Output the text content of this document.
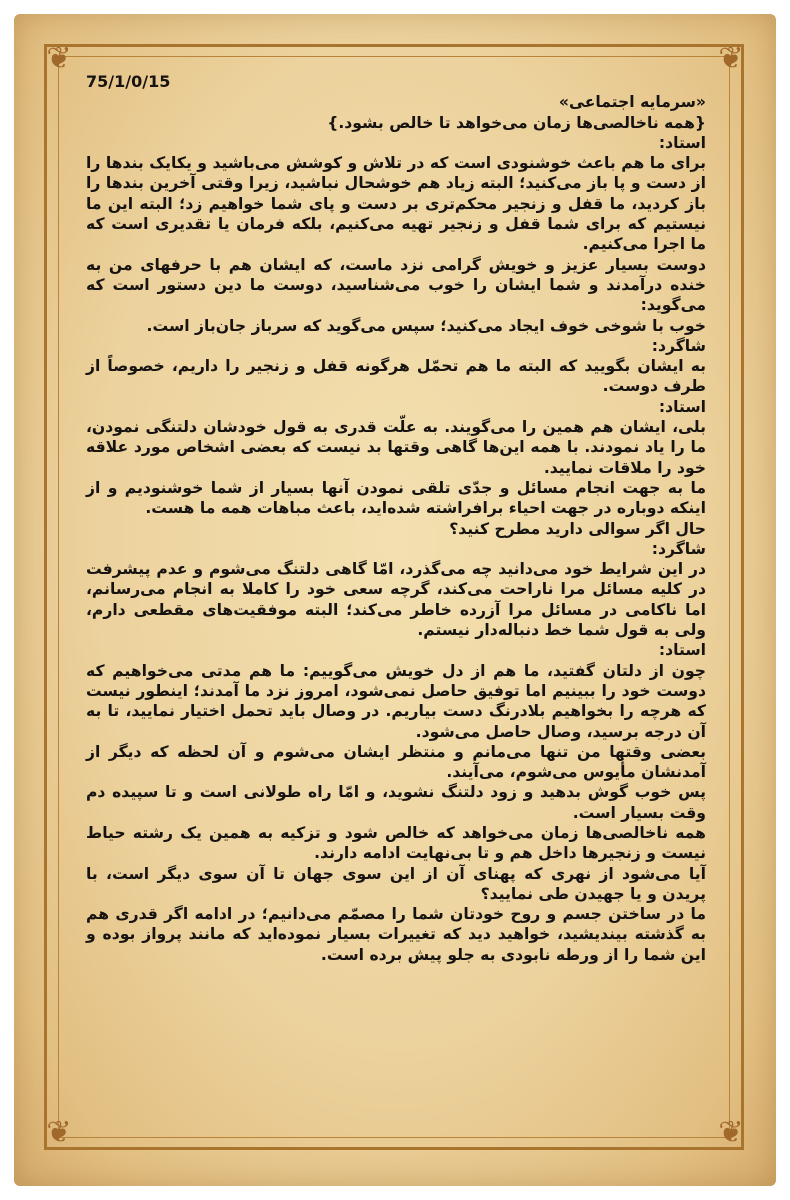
❦	❦
❦	❦

75/1/0/15

«سرمایه اجتماعی»

{همه ناخالصی‌ها زمان می‌خواهد تا خالص بشود.}

استاد:

برای ما هم باعث خوشنودی است که در تلاش و کوشش می‌باشید و یکایک بندها را از دست و پا باز می‌کنید؛ البته زیاد هم خوشحال نباشید، زیرا وقتی آخرین بندها را باز کردید، ما قفل و زنجیر محکم‌تری بر دست و پای شما خواهیم زد؛ البته این ما نیستیم که برای شما قفل و زنجیر تهیه می‌کنیم، بلکه فرمان یا تقدیری است که ما اجرا می‌کنیم.

دوست بسیار عزیز و خویش گرامی نزد ماست، که ایشان هم با حرفهای من به خنده درآمدند و شما ایشان را خوب می‌شناسید، دوست ما دین دستور است که می‌گوید:

خوب با شوخی خوف ایجاد می‌کنید؛ سپس می‌گوید که سرباز جان‌باز است.

شاگرد:

به ایشان بگویید که البته ما هم تحمّل هرگونه قفل و زنجیر را داریم، خصوصاً از طرف دوست.

استاد:

بلی، ایشان هم همین را می‌گویند. به علّت قدری به قول خودشان دلتنگی نمودن، ما را یاد نمودند. با همه این‌ها گاهی وقتها بد نیست که بعضی اشخاص مورد علاقه خود را ملاقات نمایید.

ما به جهت انجام مسائل و جدّی تلقی نمودن آنها بسیار از شما خوشنودیم و از اینکه دوباره در جهت احیاء برافراشته شده‌اید، باعث مباهات همه ما هست.

حال اگر سوالی دارید مطرح کنید؟

شاگرد:

در این شرایط خود می‌دانید چه می‌گذرد، امّا گاهی دلتنگ می‌شوم و عدم پیشرفت در کلیه مسائل مرا ناراحت می‌کند، گرچه سعی خود را کاملا به انجام می‌رسانم، اما ناکامی در مسائل مرا آزرده خاطر می‌کند؛ البته موفقیت‌های مقطعی دارم، ولی به قول شما خط دنباله‌دار نیستم.

استاد:

چون از دلتان گفتید، ما هم از دل خویش می‌گوییم: ما هم مدتی می‌خواهیم که دوست خود را ببینیم اما توفیق حاصل نمی‌شود، امروز نزد ما آمدند؛ اینطور نیست که هرچه را بخواهیم بلادرنگ دست بیاریم. در وصال باید تحمل اختیار نمایید، تا به آن درجه برسید، وصال حاصل می‌شود.

بعضی وقتها من تنها می‌مانم و منتظر ایشان می‌شوم و آن لحظه که دیگر از آمدنشان مأیوس می‌شوم، می‌آیند.

پس خوب گوش بدهید و زود دلتنگ نشوید، و امّا راه طولانی است و تا سپیده دم وقت بسیار است.

همه ناخالصی‌ها زمان می‌خواهد که خالص شود و تزکیه به همین یک رشته حیاط نیست و زنجیرها داخل هم و تا بی‌نهایت ادامه دارند.

آیا می‌شود از نهری که پهنای آن از این سوی جهان تا آن سوی دیگر است، با پریدن و یا جهیدن طی نمایید؟

ما در ساختن جسم و روح خودتان شما را مصمّم می‌دانیم؛ در ادامه اگر قدری هم به گذشته بیندیشید، خواهید دید که تغییرات بسیار نموده‌اید که مانند پرواز بوده و این شما را از ورطه نابودی به جلو پیش برده است.
